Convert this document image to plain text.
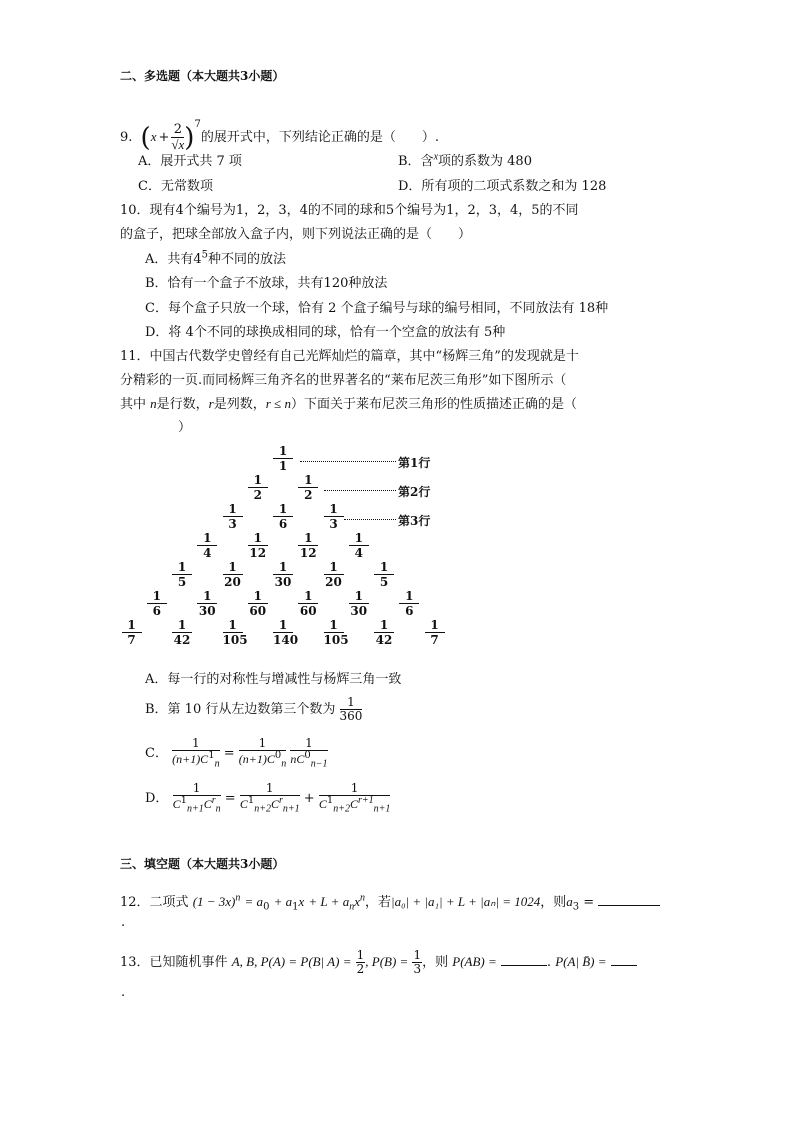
二、多选题（本大题共3小题）
9. $(x + \frac{2}{√x} )^7$的展开式中，下列结论正确的是（　　）.
A．展开式共 7 项	B．含$^x$项的系数为 480
C．无常数项	D．所有项的二项式系数之和为 128
10．现有4个编号为1，2，3，4的不同的球和5个编号为1，2，3，4，5的不同
的盒子，把球全部放入盒子内，则下列说法正确的是（　　）
A．共有$4^5$种不同的放法
B．恰有一个盒子不放球，共有120种放法
C．每个盒子只放一个球，恰有 2 个盒子编号与球的编号相同，不同放法有 18种
D．将 4个不同的球换成相同的球，恰有一个空盒的放法有 5种
11．中国古代数学史曾经有自己光辉灿烂的篇章，其中“杨辉三角”的发现就是十
分精彩的一页.而同杨辉三角齐名的世界著名的“莱布尼茨三角形”如下图所示（
其中 n是行数，r是列数，r ≤ n）下面关于莱布尼茨三角形的性质描述正确的是（
）
$\frac{1}{1}$
$\frac{1}{2} \frac{1}{2}$
$\frac{1}{3} \frac{1}{6} \frac{1}{3}$
$\frac{1}{4} \frac{1}{12} \frac{1}{12} \frac{1}{4}$
$\frac{1}{5} \frac{1}{20} \frac{1}{30} \frac{1}{20} \frac{1}{5}$
$\frac{1}{6} \frac{1}{30} \frac{1}{60} \frac{1}{60} \frac{1}{30} \frac{1}{6}$
$\frac{1}{7} \frac{1}{42} \frac{1}{105} \frac{1}{140} \frac{1}{105} \frac{1}{42} \frac{1}{7}$
第1行
第2行
第3行
A．每一行的对称性与增减性与杨辉三角一致
B．第 10 行从左边数第三个数为 $\frac{1}{360}$
C． $\frac{1}{(n+1)C^1_n} = \frac{1}{(n+1)C^0_n}$
$\frac{1}{nC^0_{n-1}}$
D． $\frac{1}{C^1_{n+1}C^r_n} = \frac{1}{C^1_{n+2}C^r_{n+1}} + \frac{1}{C^1_{n+2}C^{r+1}_{n+1}}$
三、填空题（本大题共3小题）
12．二项式 $(1 - 3x)^n = a_0 + a_1x + L + a_nx^n$，若|a₀| + |a₁| + L + |aₙ| = 1024，则$a_3$ =
.
13．已知随机事件 A, B, P(A) = P(B| $A) = \frac{1}{2}$ , $P(B) = \frac{1}{3}$ ，则 P(AB) =	. P(A| B̄) =
.
